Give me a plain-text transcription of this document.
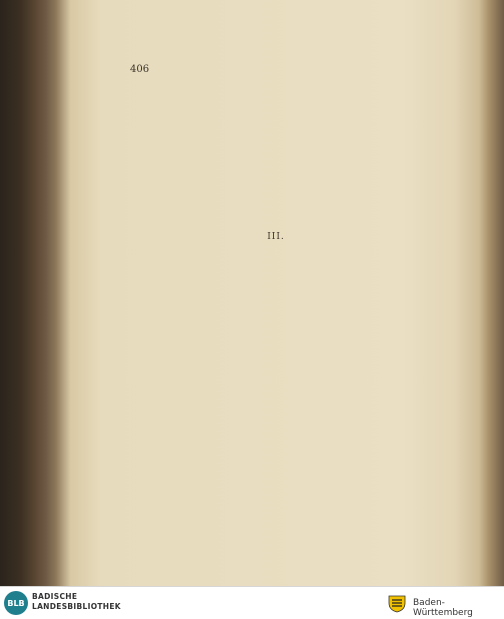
406
III.

BLB
BADISCHE
LANDESBIBLIOTHEK	Baden-Württemberg
